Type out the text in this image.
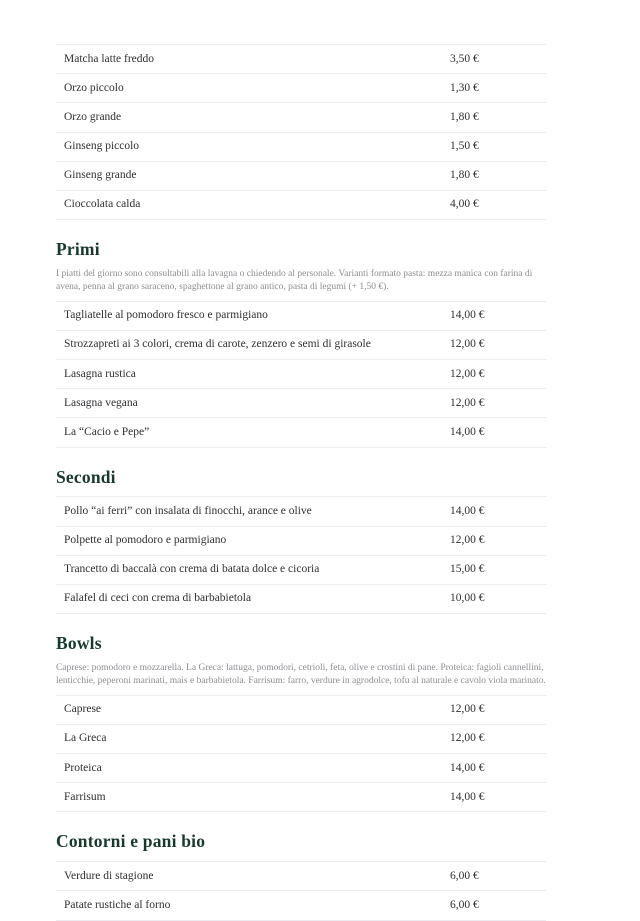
Matcha latte freddo	3,50 €
Orzo piccolo	1,30 €
Orzo grande	1,80 €
Ginseng piccolo	1,50 €
Ginseng grande	1,80 €
Cioccolata calda	4,00 €
Primi
I piatti del giorno sono consultabili alla lavagna o chiedendo al personale. Varianti formato pasta: mezza manica con farina di avena, penna al grano saraceno, spaghettone al grano antico, pasta di legumi (+ 1,50 €).
Tagliatelle al pomodoro fresco e parmigiano	14,00 €
Strozzapreti ai 3 colori, crema di carote, zenzero e semi di girasole	12,00 €
Lasagna rustica	12,00 €
Lasagna vegana	12,00 €
La “Cacio e Pepe”	14,00 €
Secondi
Pollo “ai ferri” con insalata di finocchi, arance e olive	14,00 €
Polpette al pomodoro e parmigiano	12,00 €
Trancetto di baccalà con crema di batata dolce e cicoria	15,00 €
Falafel di ceci con crema di barbabietola	10,00 €
Bowls
Caprese: pomodoro e mozzarella. La Greca: lattuga, pomodori, cetrioli, feta, olive e crostini di pane. Proteica: fagioli cannellini, lenticchie, peperoni marinati, mais e barbabietola. Farrisum: farro, verdure in agrodolce, tofu al naturale e cavolo viola marinato.
Caprese	12,00 €
La Greca	12,00 €
Proteica	14,00 €
Farrisum	14,00 €
Contorni e pani bio
Verdure di stagione	6,00 €
Patate rustiche al forno	6,00 €
